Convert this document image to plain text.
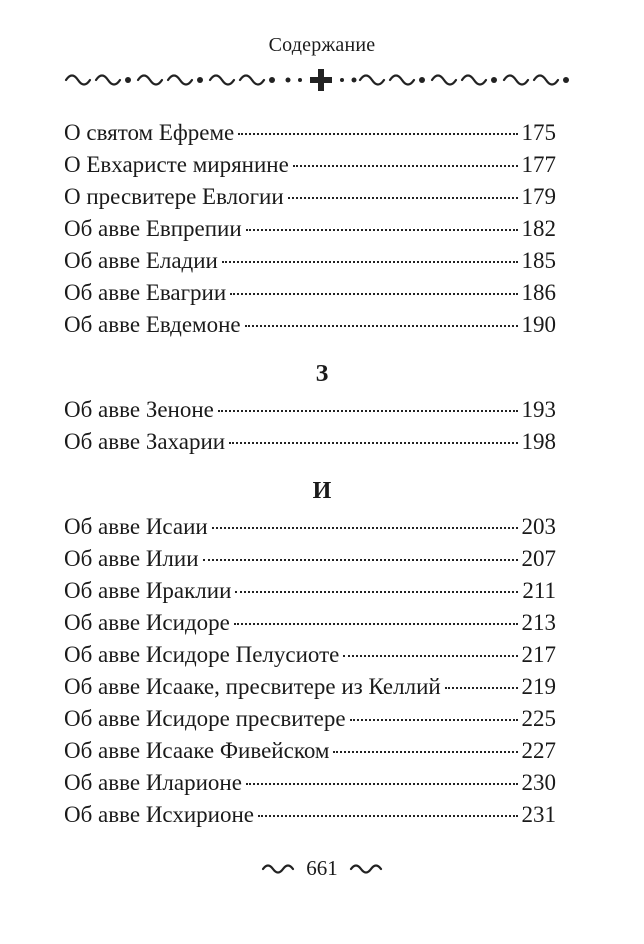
Содержание
О святом Ефреме	175
О Евхаристе мирянине	177
О пресвитере Евлогии	179
Об авве Евпрепии	182
Об авве Еладии	185
Об авве Евагрии	186
Об авве Евдемоне	190
З
Об авве Зеноне	193
Об авве Захарии	198
И
Об авве Исаии	203
Об авве Илии	207
Об авве Ираклии	211
Об авве Исидоре	213
Об авве Исидоре Пелусиоте	217
Об авве Исааке, пресвитере из Келлий	219
Об авве Исидоре пресвитере	225
Об авве Исааке Фивейском	227
Об авве Иларионе	230
Об авве Исхирионе	231
661
